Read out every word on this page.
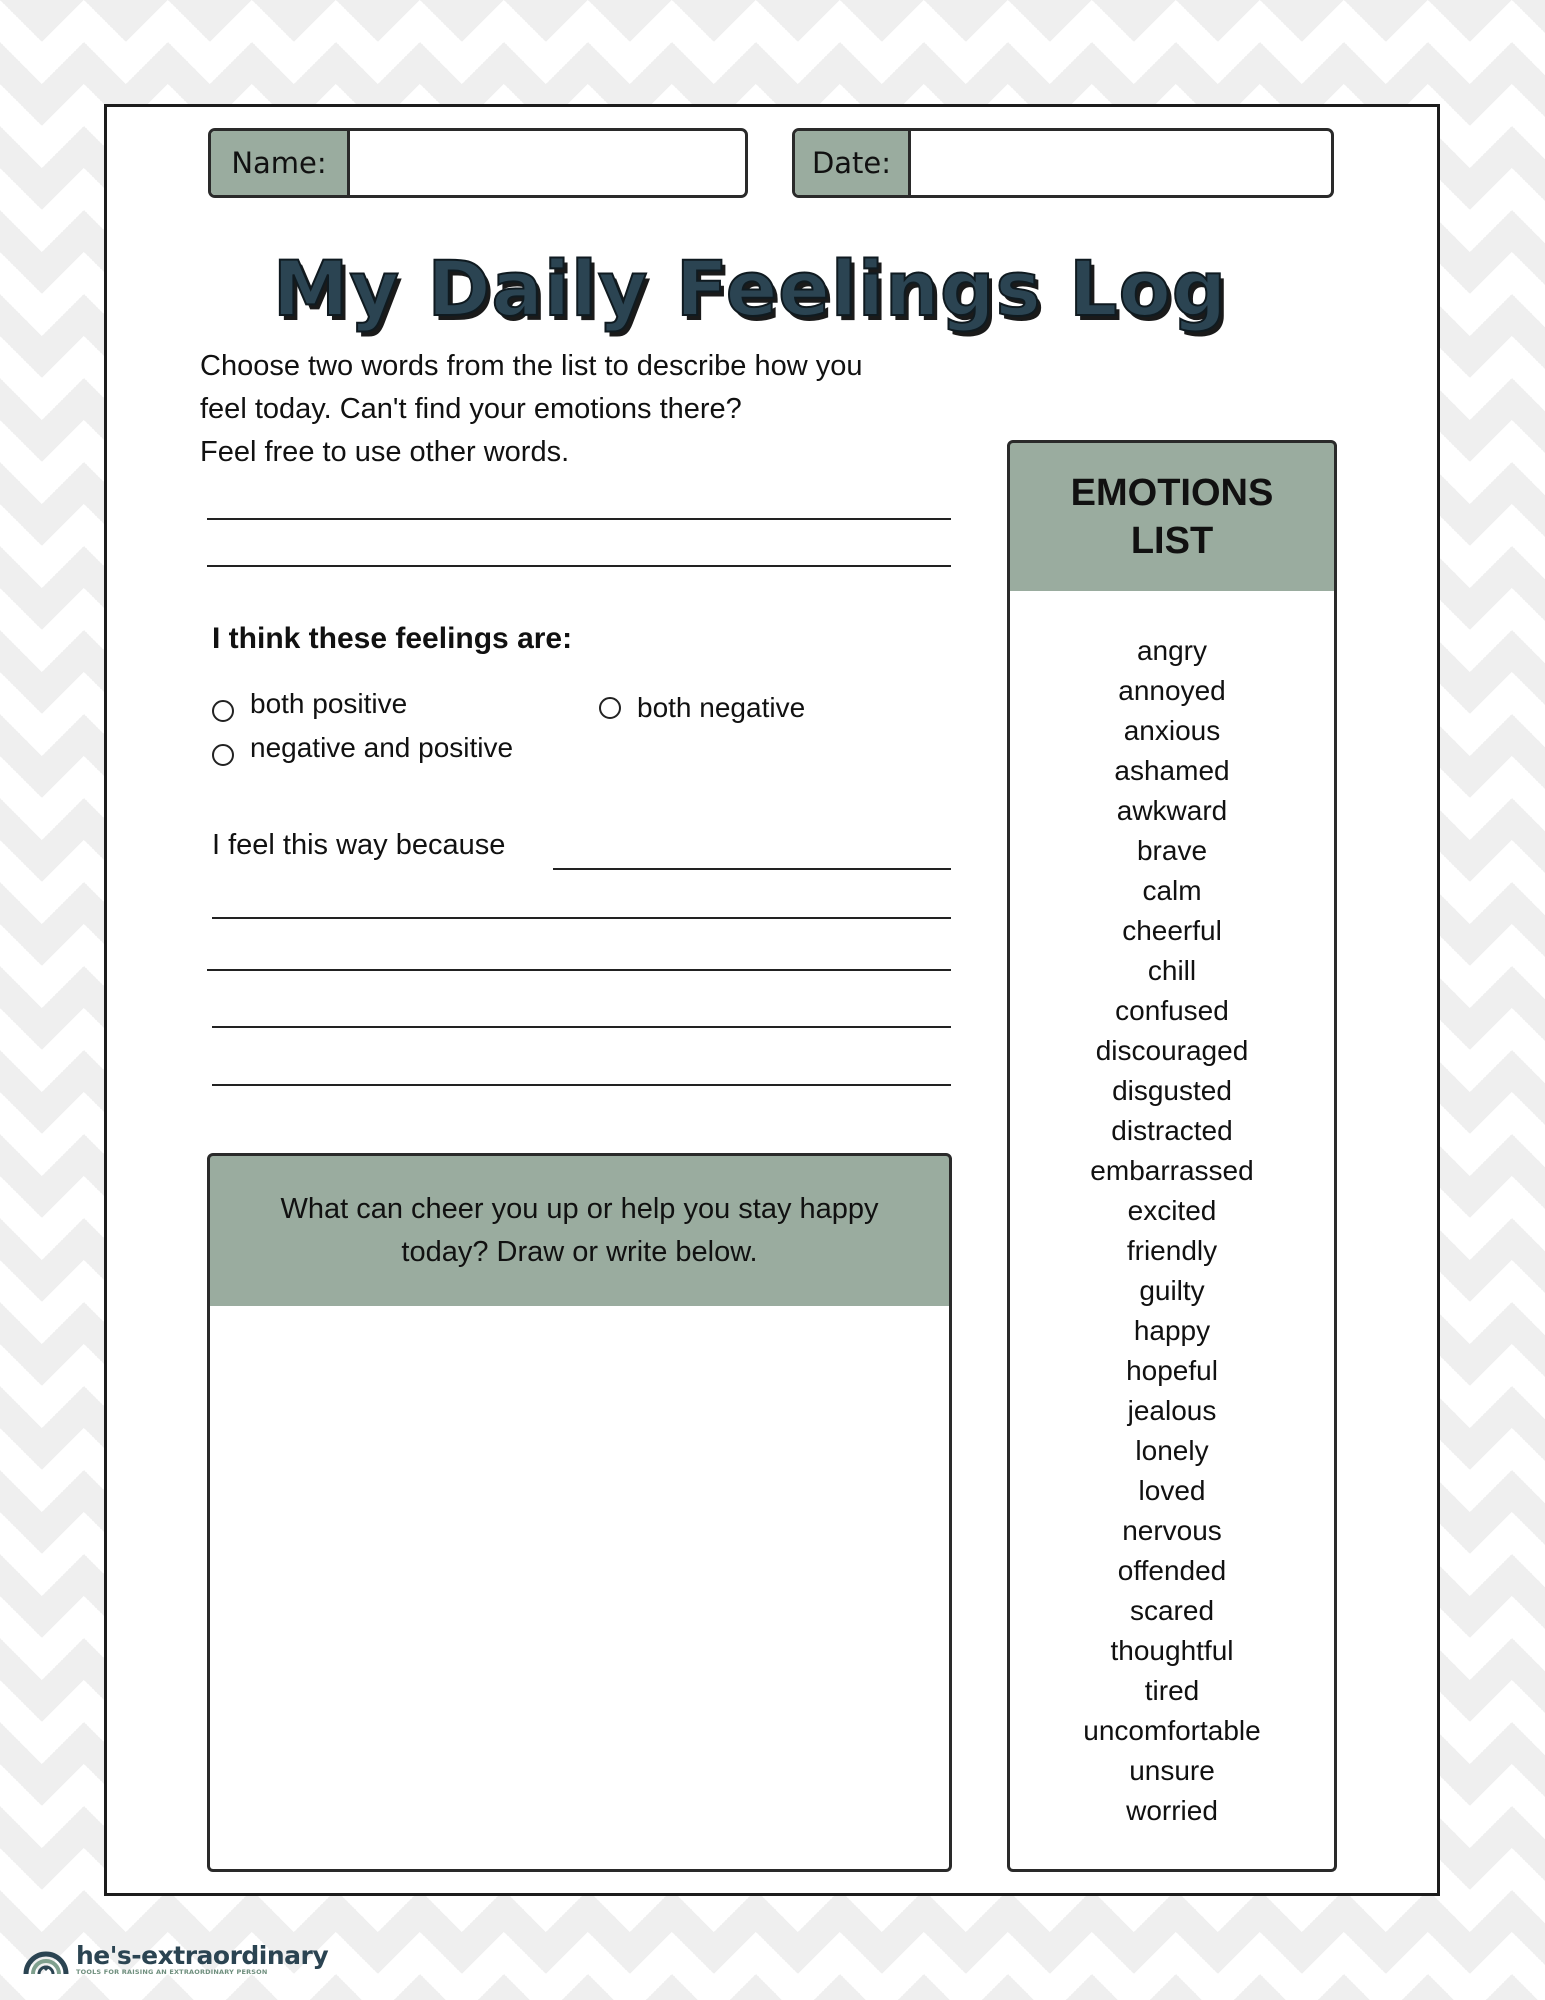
Name:	Date:
My Daily Feelings Log
Choose two words from the list to describe how you
feel today. Can't find your emotions there?
Feel free to use other words.
I think these feelings are:
both positive	both negative
negative and positive
I feel this way because
What can cheer you up or help you stay happy today? Draw or write below.
EMOTIONS
LIST
angry
annoyed
anxious
ashamed
awkward
brave
calm
cheerful
chill
confused
discouraged
disgusted
distracted
embarrassed
excited
friendly
guilty
happy
hopeful
jealous
lonely
loved
nervous
offended
scared
thoughtful
tired
uncomfortable
unsure
worried
he's-extraordinary
TOOLS FOR RAISING AN EXTRAORDINARY PERSON
